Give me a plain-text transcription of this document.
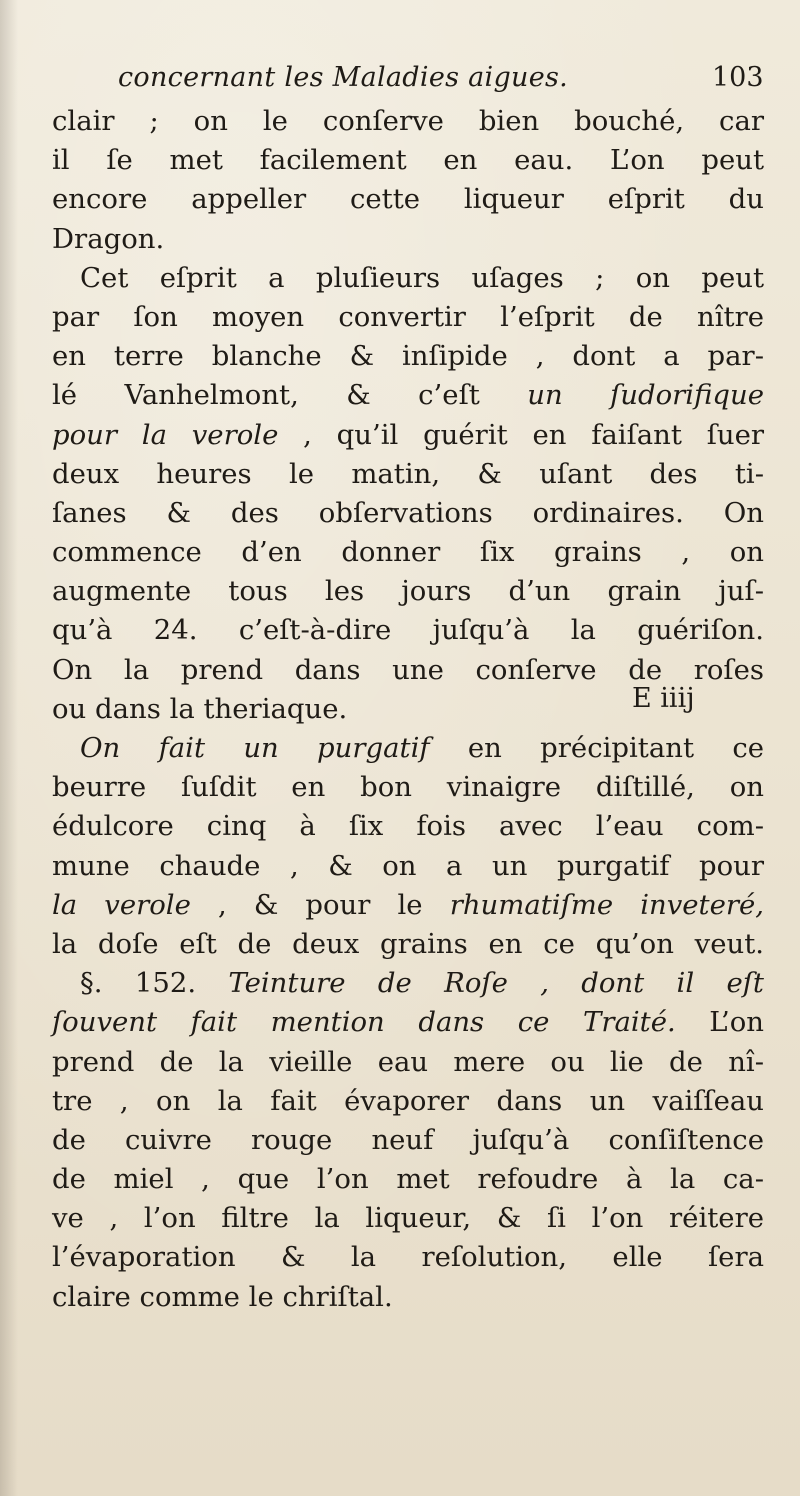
concernant les Maladies aigues.	103
clair ; on le conſerve bien bouché, car
il ſe met facilement en eau. L’on peut
encore appeller cette liqueur eſprit du
Dragon.
Cet eſprit a pluſieurs uſages ; on peut
par ſon moyen convertir l’eſprit de nître
en terre blanche & inſipide , dont a par-
lé Vanhelmont, & c’eſt un ſudorifique
pour la verole , qu’il guérit en faiſant ſuer
deux heures le matin, & uſant des ti-
ſanes & des obſervations ordinaires. On
commence d’en donner ſix grains , on
augmente tous les jours d’un grain juſ-
qu’à 24. c’eſt-à-dire juſqu’à la guériſon.
On la prend dans une conſerve de roſes
ou dans la theriaque.
On fait un purgatif en précipitant ce
beurre ſuſdit en bon vinaigre diſtillé, on
édulcore cinq à ſix fois avec l’eau com-
mune chaude , & on a un purgatif pour
la verole , & pour le rhumatiſme inveteré,
la doſe eſt de deux grains en ce qu’on veut.
§. 152. Teinture de Roſe , dont il eſt
ſouvent fait mention dans ce Traité. L’on
prend de la vieille eau mere ou lie de nî-
tre , on la fait évaporer dans un vaiſſeau
de cuivre rouge neuf juſqu’à conſiſtence
de miel , que l’on met refoudre à la ca-
ve , l’on filtre la liqueur, & ſi l’on réitere
l’évaporation & la reſolution, elle ſera
claire comme le chriſtal.
E iiij
